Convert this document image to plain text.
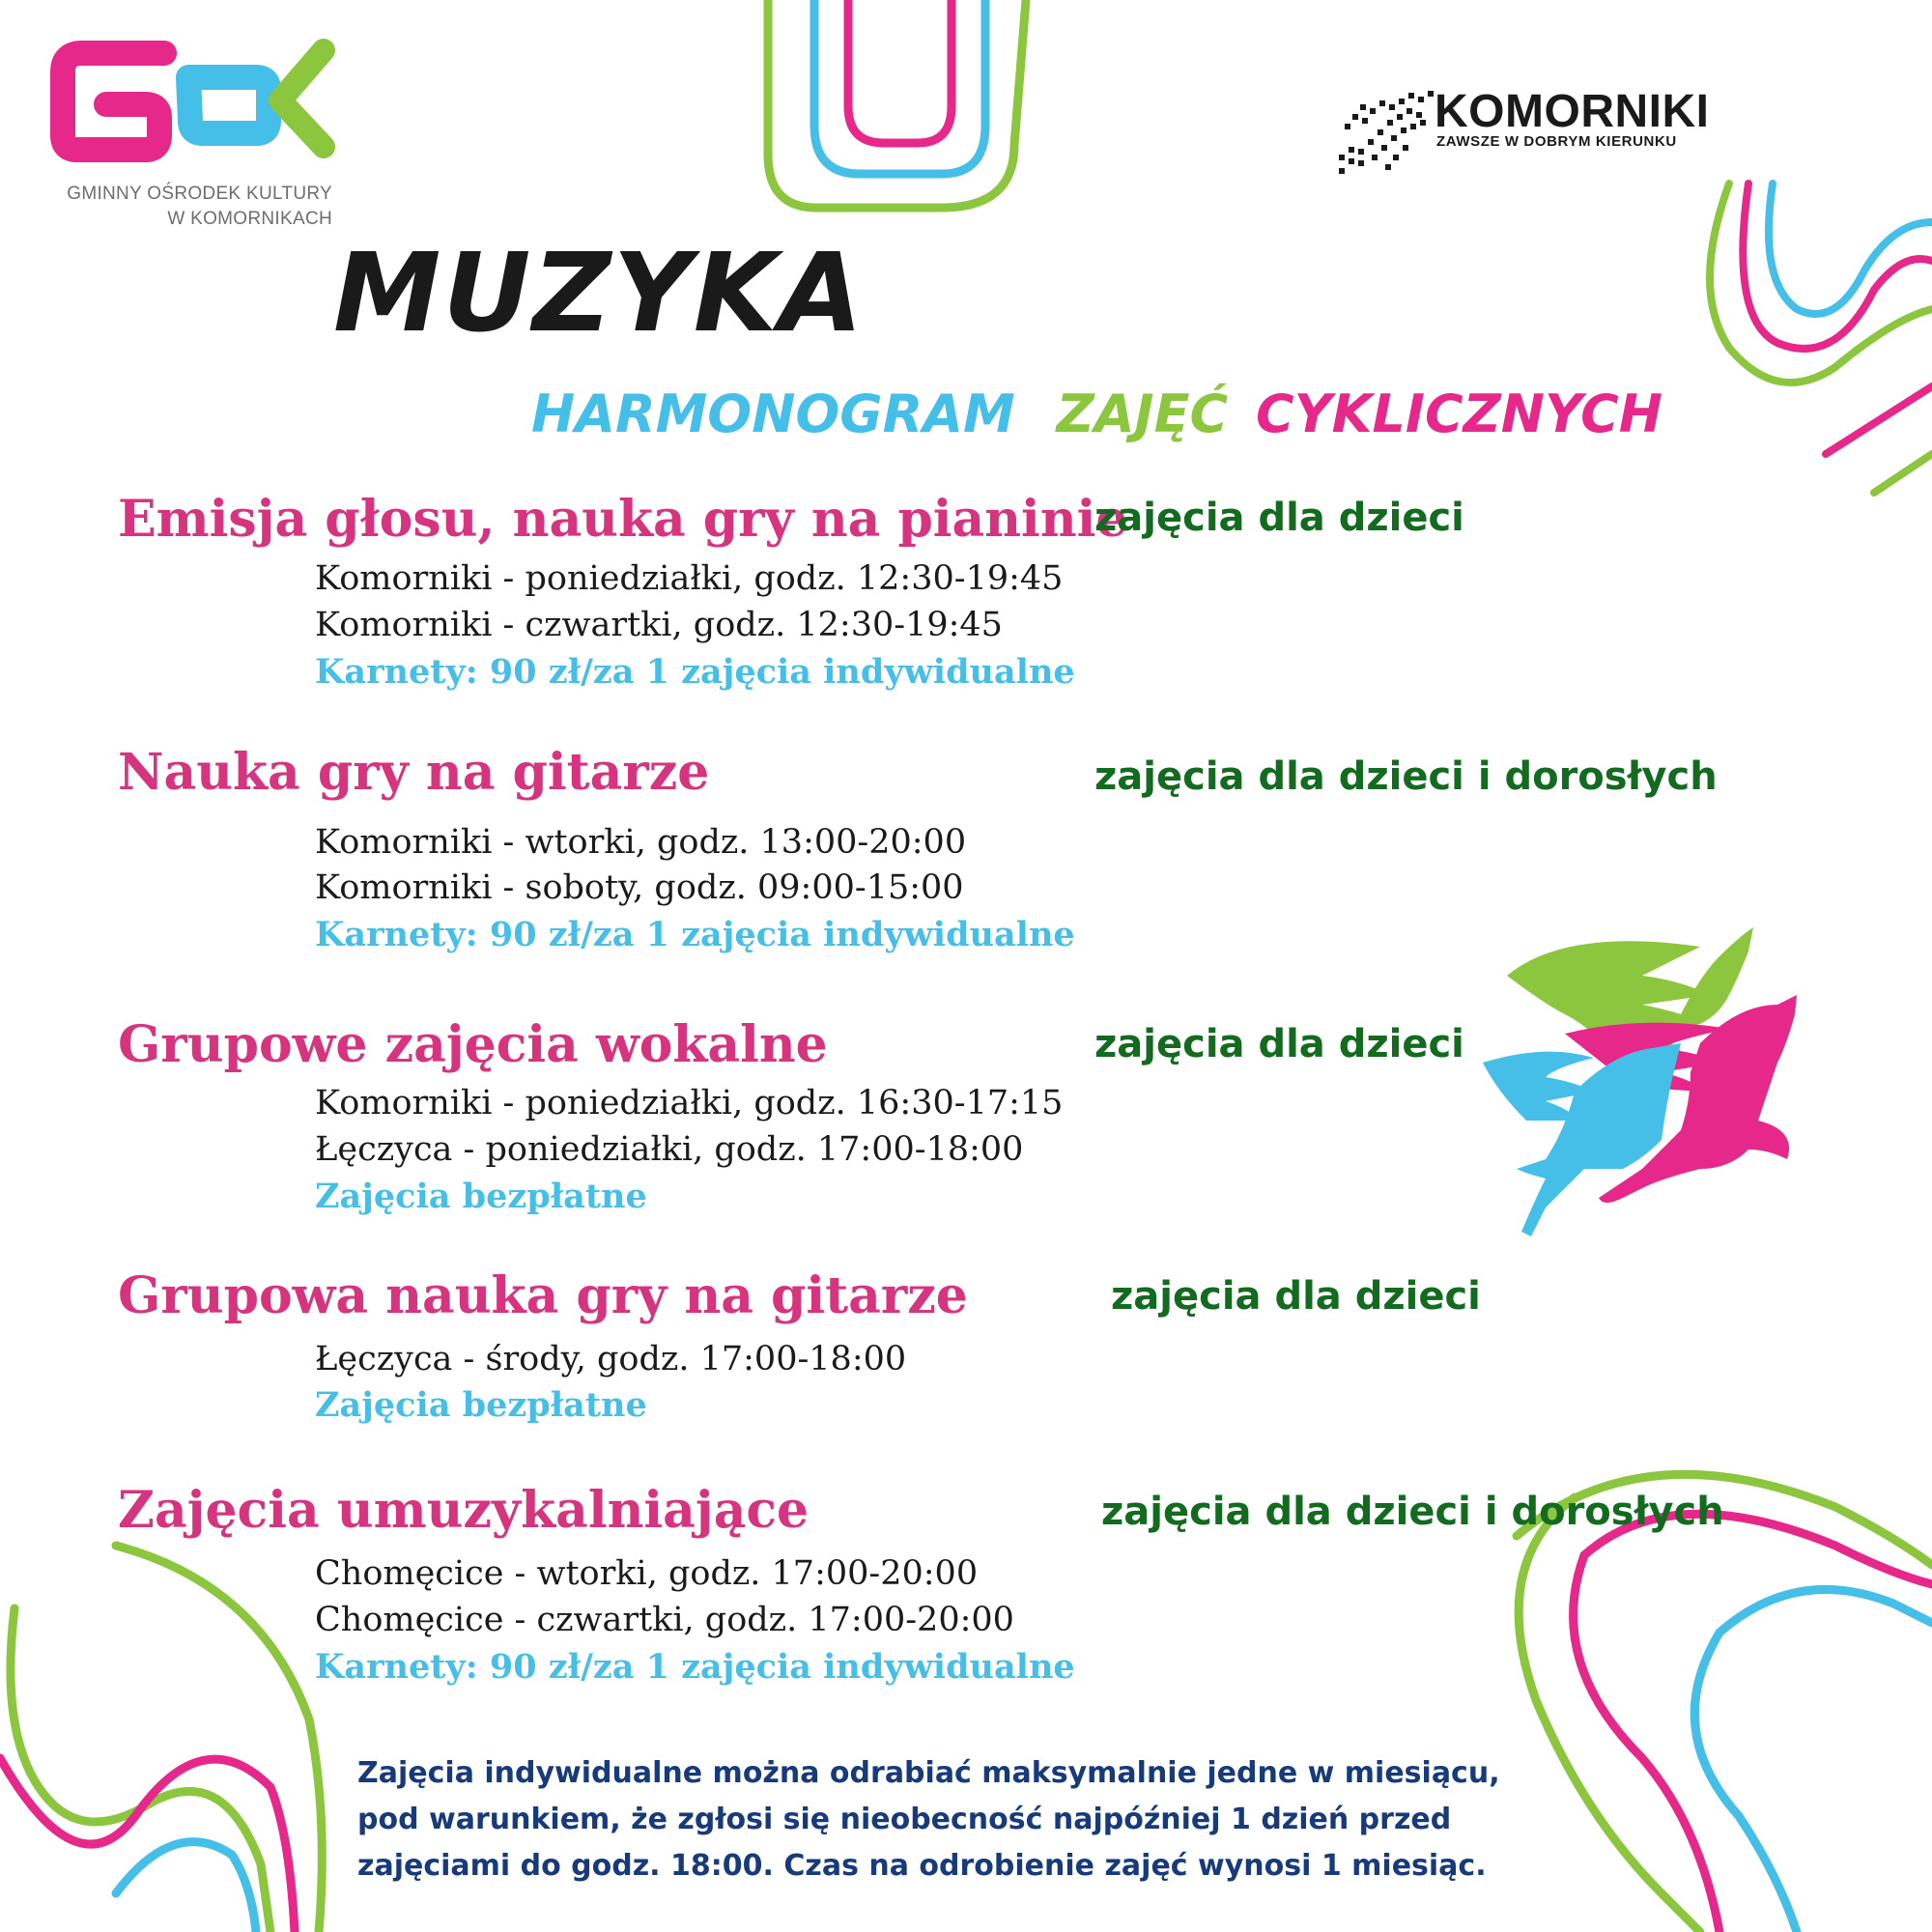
GMINNY OŚRODEK KULTURY
W KOMORNIKACH
KOMORNIKI
ZAWSZE W DOBRYM KIERUNKU
MUZYKA
HARMONOGRAM ZAJĘĆ CYKLICZNYCH
Emisja głosu, nauka gry na pianinie
zajęcia dla dzieci
Komorniki - poniedziałki, godz. 12:30-19:45
Komorniki - czwartki, godz. 12:30-19:45
Karnety: 90 zł/za 1 zajęcia indywidualne
Nauka gry na gitarze	zajęcia dla dzieci i dorosłych
Komorniki - wtorki, godz. 13:00-20:00
Komorniki - soboty, godz. 09:00-15:00
Karnety: 90 zł/za 1 zajęcia indywidualne
Grupowe zajęcia wokalne	zajęcia dla dzieci
Komorniki - poniedziałki, godz. 16:30-17:15
Łęczyca - poniedziałki, godz. 17:00-18:00
Zajęcia bezpłatne
Grupowa nauka gry na gitarze	zajęcia dla dzieci
Łęczyca - środy, godz. 17:00-18:00
Zajęcia bezpłatne
Zajęcia umuzykalniające	zajęcia dla dzieci i dorosłych
Chomęcice - wtorki, godz. 17:00-20:00
Chomęcice - czwartki, godz. 17:00-20:00
Karnety: 90 zł/za 1 zajęcia indywidualne
Zajęcia indywidualne można odrabiać maksymalnie jedne w miesiącu,
pod warunkiem, że zgłosi się nieobecność najpóźniej 1 dzień przed
zajęciami do godz. 18:00. Czas na odrobienie zajęć wynosi 1 miesiąc.
